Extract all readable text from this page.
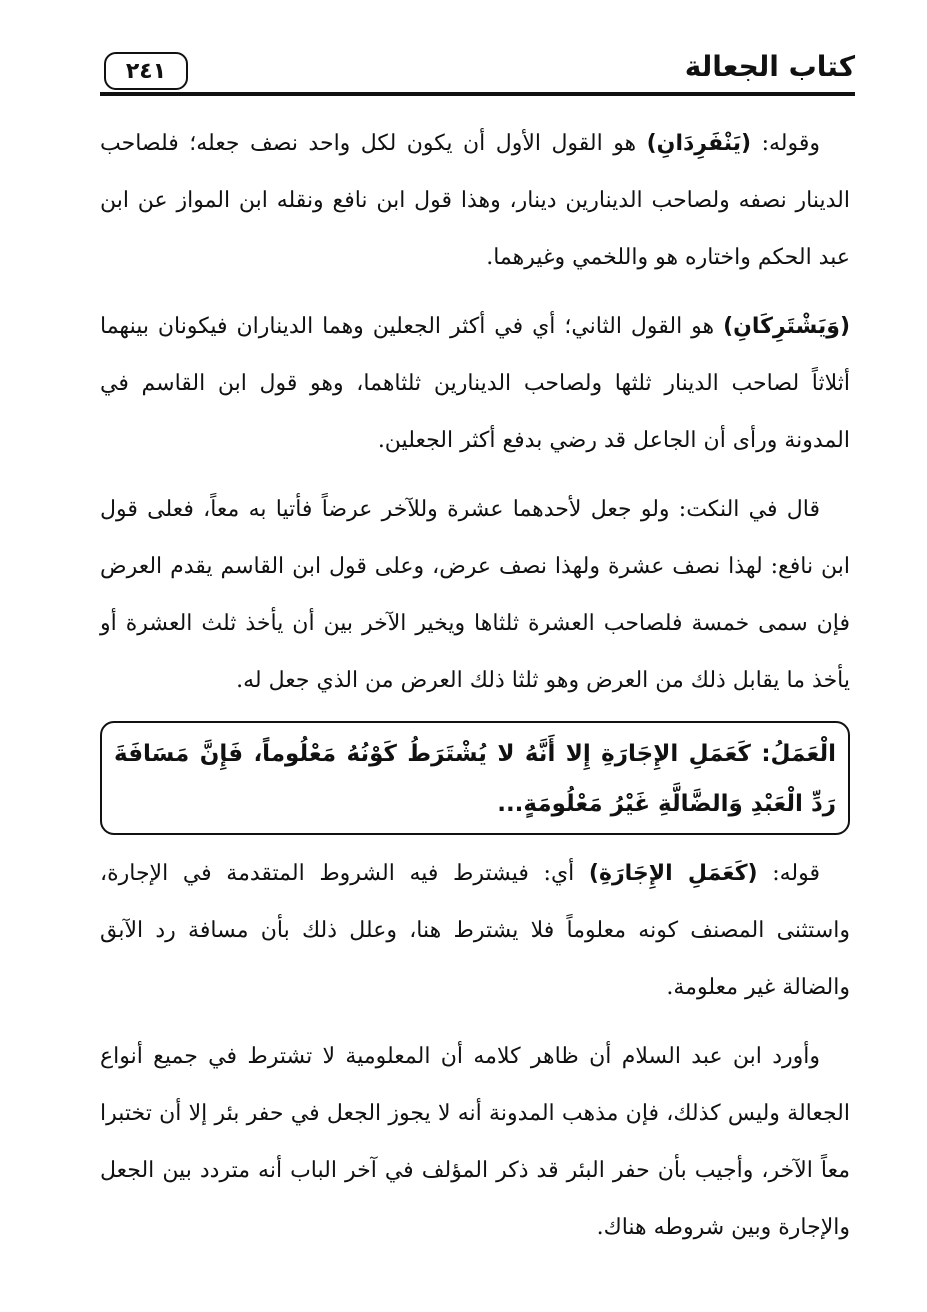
٢٤١	كتاب الجعالة

وقوله: (يَنْفَرِدَانِ) هو القول الأول أن يكون لكل واحد نصف جعله؛ فلصاحب الدينار نصفه ولصاحب الدينارين دينار، وهذا قول ابن نافع ونقله ابن المواز عن ابن عبد الحكم واختاره هو واللخمي وغيرهما.

(وَيَشْتَرِكَانِ) هو القول الثاني؛ أي في أكثر الجعلين وهما الديناران فيكونان بينهما أثلاثاً لصاحب الدينار ثلثها ولصاحب الدينارين ثلثاهما، وهو قول ابن القاسم في المدونة ورأى أن الجاعل قد رضي بدفع أكثر الجعلين.

قال في النكت: ولو جعل لأحدهما عشرة وللآخر عرضاً فأتيا به معاً، فعلى قول ابن نافع: لهذا نصف عشرة ولهذا نصف عرض، وعلى قول ابن القاسم يقدم العرض فإن سمى خمسة فلصاحب العشرة ثلثاها ويخير الآخر بين أن يأخذ ثلث العشرة أو يأخذ ما يقابل ذلك من العرض وهو ثلثا ذلك العرض من الذي جعل له.

الْعَمَلُ: كَعَمَلِ الإِجَارَةِ إِلا أَنَّهُ لا يُشْتَرَطُ كَوْنُهُ مَعْلُوماً، فَإِنَّ مَسَافَةَ رَدِّ الْعَبْدِ وَالضَّالَّةِ غَيْرُ مَعْلُومَةٍ...

قوله: (كَعَمَلِ الإِجَارَةِ) أي: فيشترط فيه الشروط المتقدمة في الإجارة، واستثنى المصنف كونه معلوماً فلا يشترط هنا، وعلل ذلك بأن مسافة رد الآبق والضالة غير معلومة.

وأورد ابن عبد السلام أن ظاهر كلامه أن المعلومية لا تشترط في جميع أنواع الجعالة وليس كذلك، فإن مذهب المدونة أنه لا يجوز الجعل في حفر بئر إلا أن تختبرا معاً الآخر، وأجيب بأن حفر البئر قد ذكر المؤلف في آخر الباب أنه متردد بين الجعل والإجارة وبين شروطه هناك.
